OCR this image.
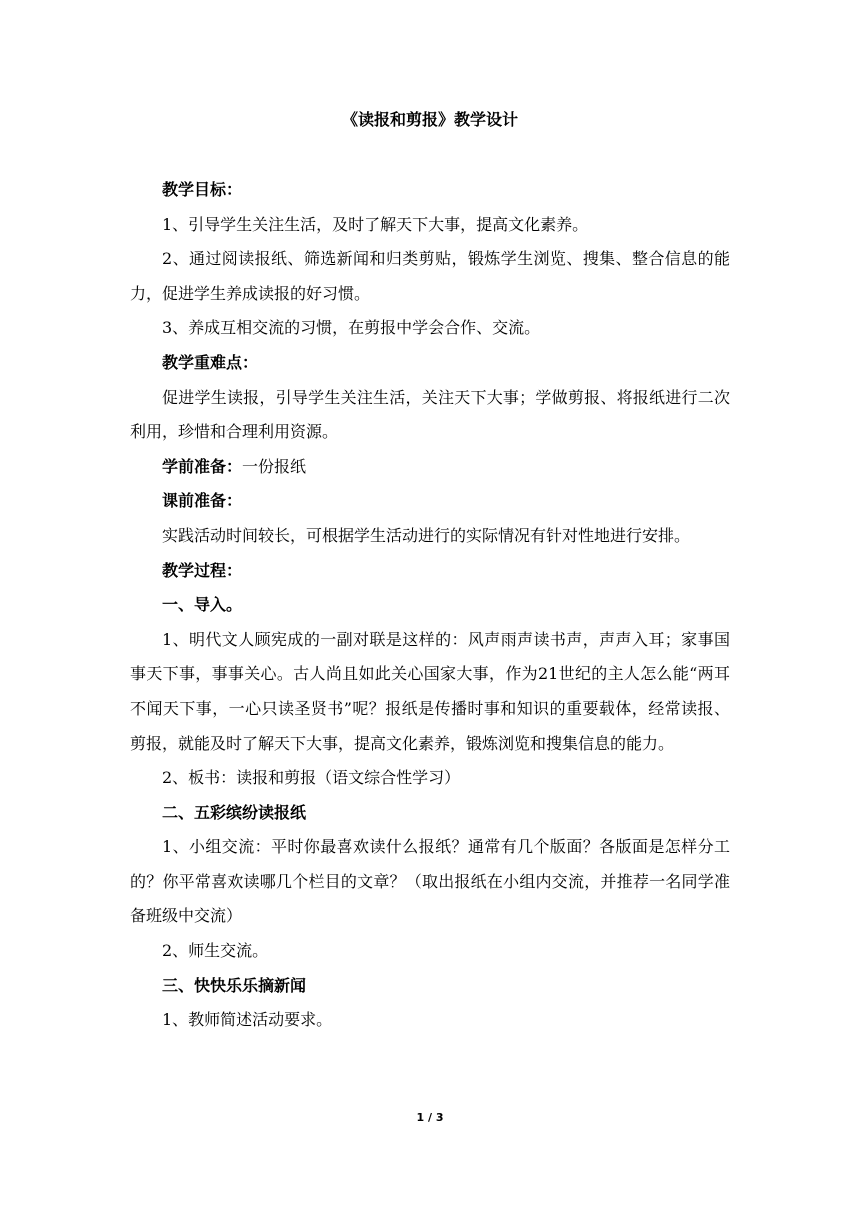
《读报和剪报》教学设计

教学目标：

1、引导学生关注生活，及时了解天下大事，提高文化素养。

2、通过阅读报纸、筛选新闻和归类剪贴，锻炼学生浏览、搜集、整合信息的能力，促进学生养成读报的好习惯。

3、养成互相交流的习惯，在剪报中学会合作、交流。

教学重难点：

促进学生读报，引导学生关注生活，关注天下大事；学做剪报、将报纸进行二次利用，珍惜和合理利用资源。

学前准备：一份报纸

课前准备：

实践活动时间较长，可根据学生活动进行的实际情况有针对性地进行安排。

教学过程：

一、导入。

1、明代文人顾宪成的一副对联是这样的：风声雨声读书声，声声入耳；家事国事天下事，事事关心。古人尚且如此关心国家大事，作为21世纪的主人怎么能“两耳不闻天下事，一心只读圣贤书”呢？报纸是传播时事和知识的重要载体，经常读报、剪报，就能及时了解天下大事，提高文化素养，锻炼浏览和搜集信息的能力。

2、板书：读报和剪报（语文综合性学习）

二、五彩缤纷读报纸

1、小组交流：平时你最喜欢读什么报纸？通常有几个版面？各版面是怎样分工的？你平常喜欢读哪几个栏目的文章？（取出报纸在小组内交流，并推荐一名同学准备班级中交流）

2、师生交流。

三、快快乐乐摘新闻

1、教师简述活动要求。

1 / 3
